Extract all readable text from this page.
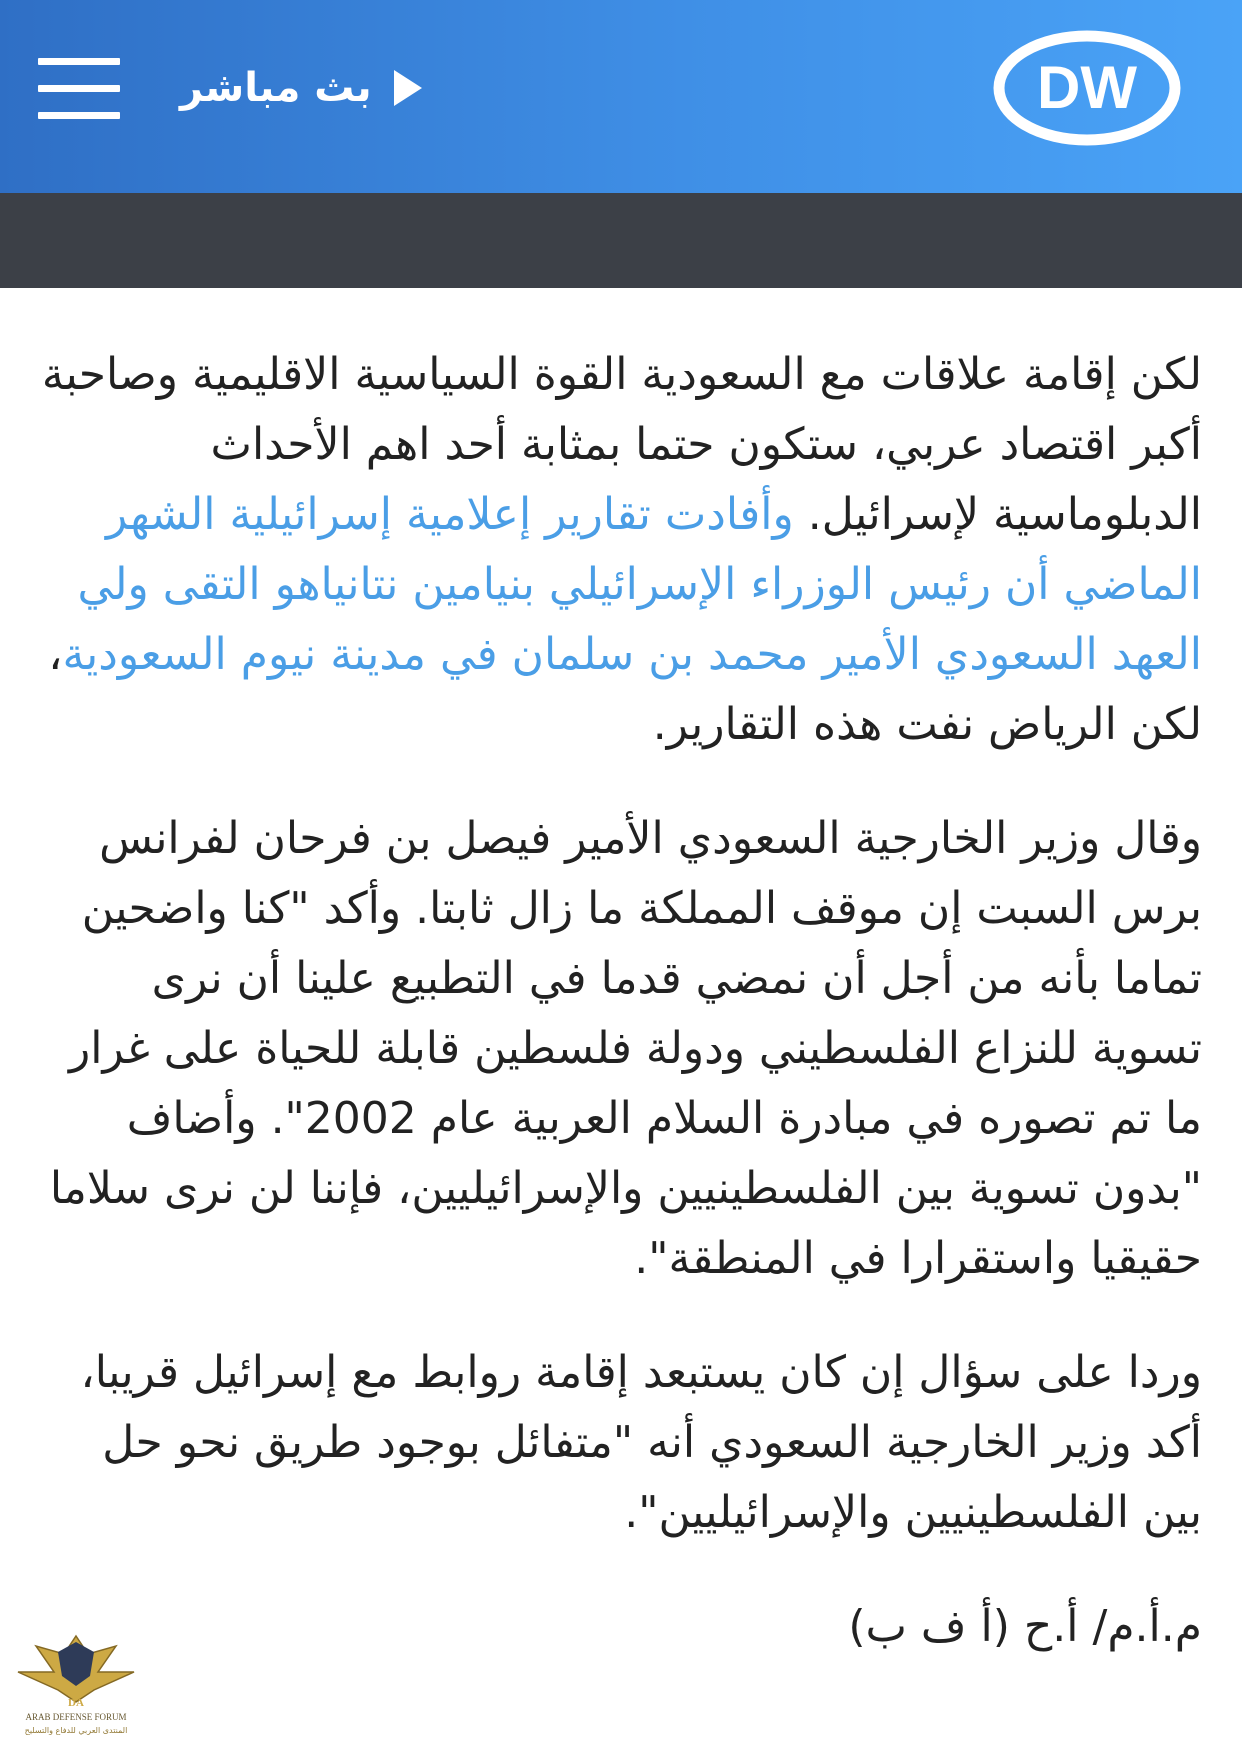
بث مباشر	DW

لكن إقامة علاقات مع السعودية القوة السياسية الاقليمية وصاحبة أكبر اقتصاد عربي، ستكون حتما بمثابة أحد اهم الأحداث الدبلوماسية لإسرائيل. وأفادت تقارير إعلامية إسرائيلية الشهر الماضي أن رئيس الوزراء الإسرائيلي بنيامين نتانياهو التقى ولي العهد السعودي الأمير محمد بن سلمان في مدينة نيوم السعودية، لكن الرياض نفت هذه التقارير.

وقال وزير الخارجية السعودي الأمير فيصل بن فرحان لفرانس برس السبت إن موقف المملكة ما زال ثابتا. وأكد "كنا واضحين تماما بأنه من أجل أن نمضي قدما في التطبيع علينا أن نرى تسوية للنزاع الفلسطيني ودولة فلسطين قابلة للحياة على غرار ما تم تصوره في مبادرة السلام العربية عام 2002". وأضاف "بدون تسوية بين الفلسطينيين والإسرائيليين، فإننا لن نرى سلاما حقيقيا واستقرارا في المنطقة".

وردا على سؤال إن كان يستبعد إقامة روابط مع إسرائيل قريبا، أكد وزير الخارجية السعودي أنه "متفائل بوجود طريق نحو حل بين الفلسطينيين والإسرائيليين".

م.أ.م/ أ.ح (أ ف ب)

DA
ARAB DEFENSE FORUM
المنتدى العربي للدفاع والتسليح
